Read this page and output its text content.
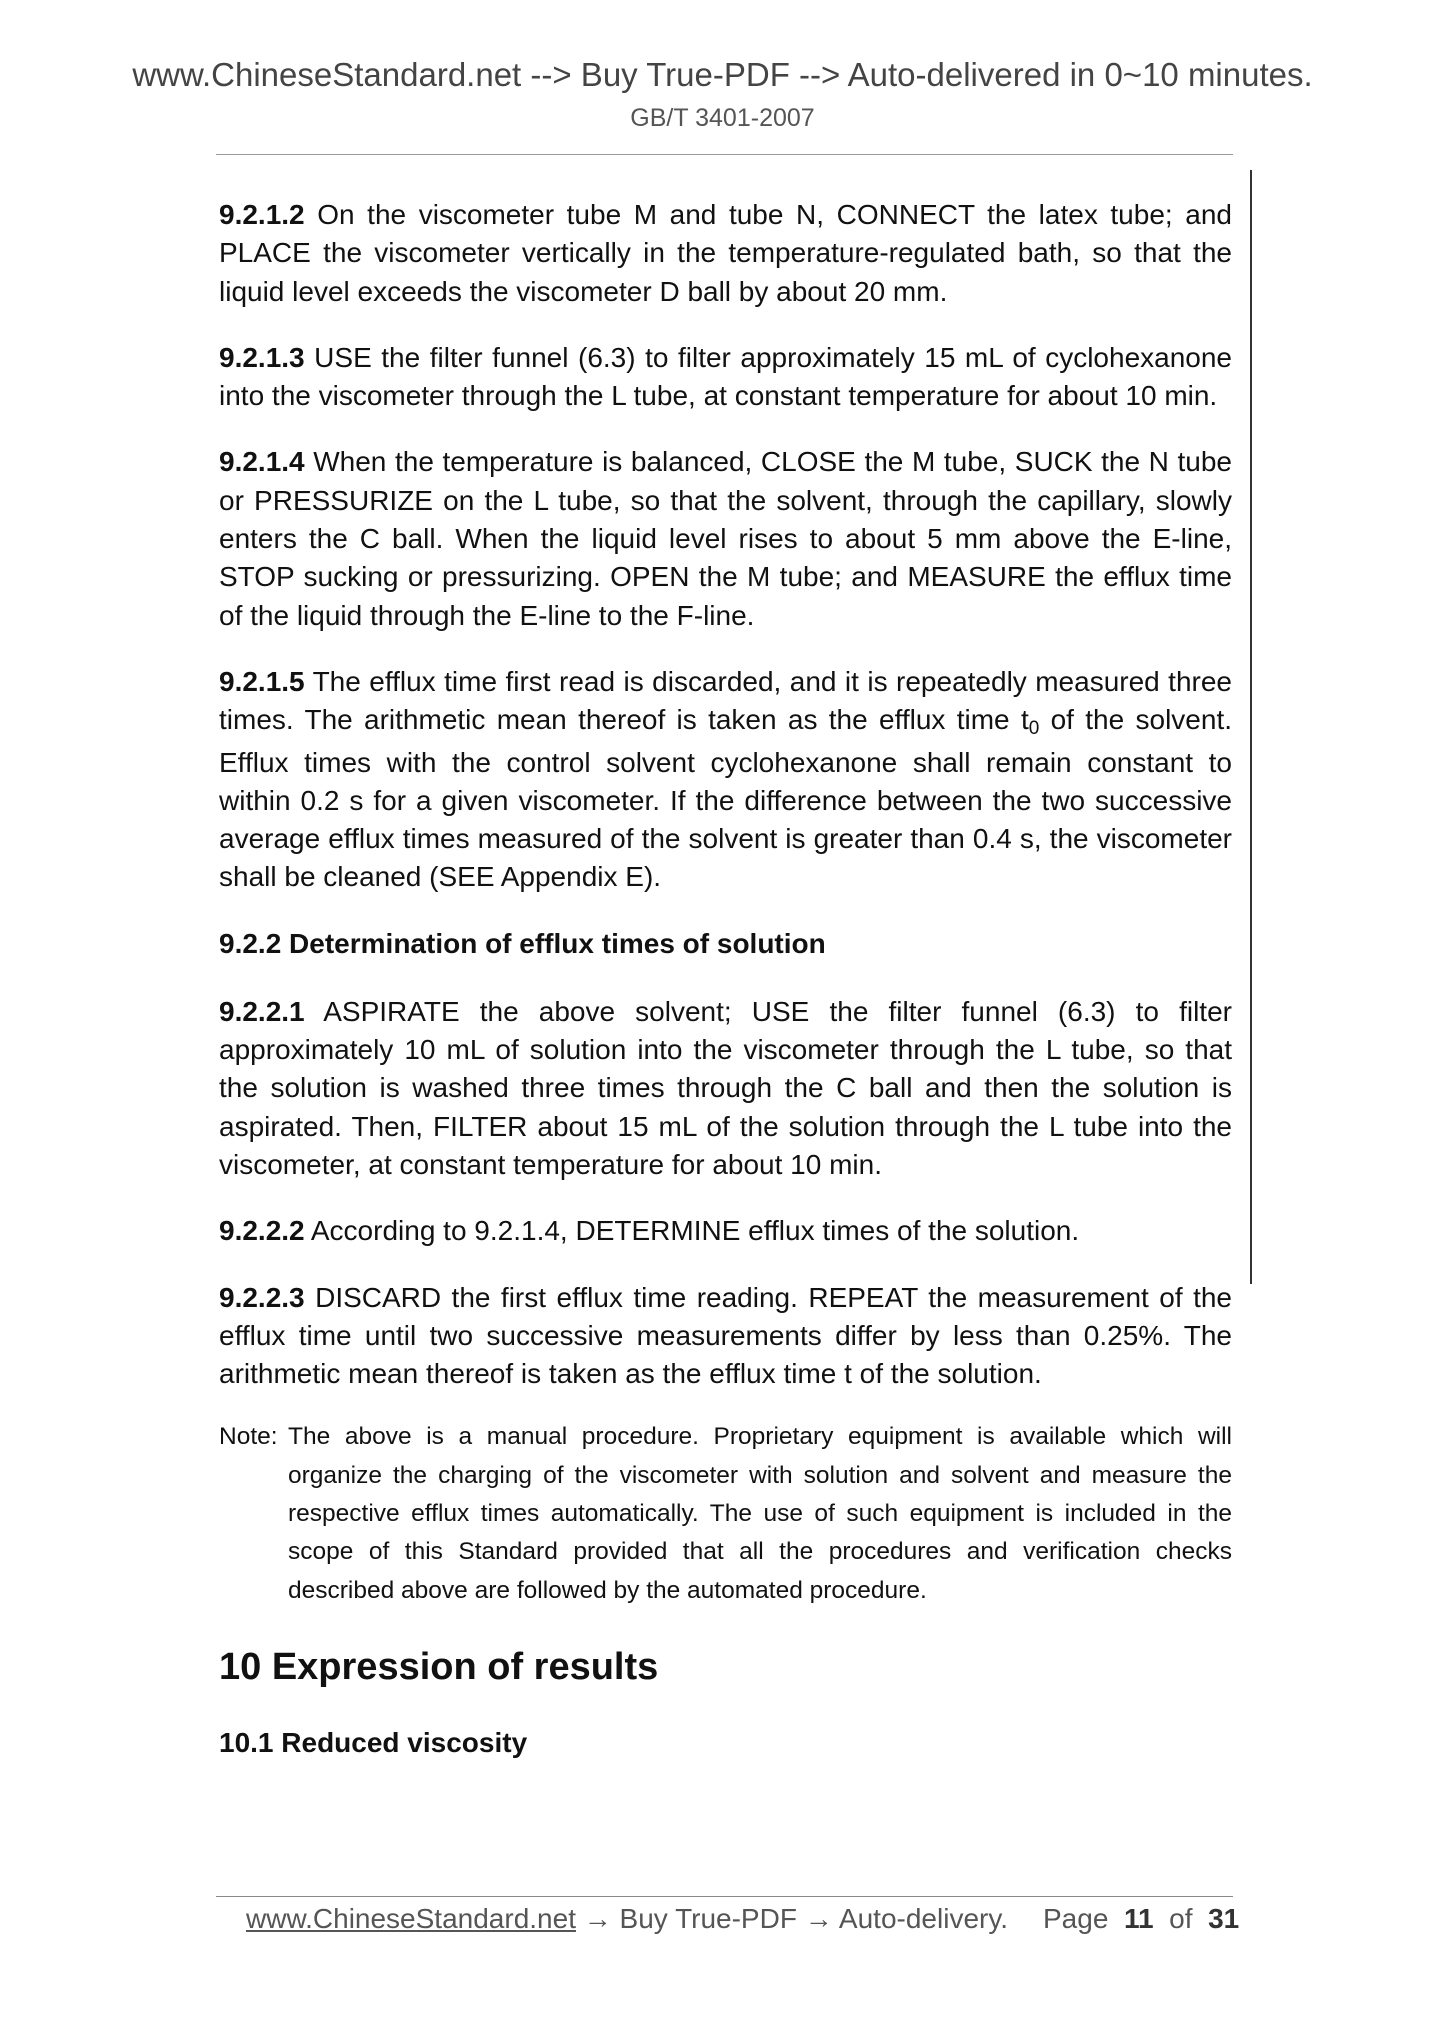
www.ChineseStandard.net --> Buy True-PDF --> Auto-delivered in 0~10 minutes.
GB/T 3401-2007

9.2.1.2 On the viscometer tube M and tube N, CONNECT the latex tube; and PLACE the viscometer vertically in the temperature-regulated bath, so that the liquid level exceeds the viscometer D ball by about 20 mm.

9.2.1.3 USE the filter funnel (6.3) to filter approximately 15 mL of cyclohexanone into the viscometer through the L tube, at constant temperature for about 10 min.

9.2.1.4 When the temperature is balanced, CLOSE the M tube, SUCK the N tube or PRESSURIZE on the L tube, so that the solvent, through the capillary, slowly enters the C ball. When the liquid level rises to about 5 mm above the E-line, STOP sucking or pressurizing. OPEN the M tube; and MEASURE the efflux time of the liquid through the E-line to the F-line.

9.2.1.5 The efflux time first read is discarded, and it is repeatedly measured three times. The arithmetic mean thereof is taken as the efflux time t0 of the solvent. Efflux times with the control solvent cyclohexanone shall remain constant to within 0.2 s for a given viscometer. If the difference between the two successive average efflux times measured of the solvent is greater than 0.4 s, the viscometer shall be cleaned (SEE Appendix E).

9.2.2 Determination of efflux times of solution

9.2.2.1 ASPIRATE the above solvent; USE the filter funnel (6.3) to filter approximately 10 mL of solution into the viscometer through the L tube, so that the solution is washed three times through the C ball and then the solution is aspirated. Then, FILTER about 15 mL of the solution through the L tube into the viscometer, at constant temperature for about 10 min.

9.2.2.2 According to 9.2.1.4, DETERMINE efflux times of the solution.

9.2.2.3 DISCARD the first efflux time reading. REPEAT the measurement of the efflux time until two successive measurements differ by less than 0.25%. The arithmetic mean thereof is taken as the efflux time t of the solution.

Note: The above is a manual procedure. Proprietary equipment is available which will organize the charging of the viscometer with solution and solvent and measure the respective efflux times automatically. The use of such equipment is included in the scope of this Standard provided that all the procedures and verification checks described above are followed by the automated procedure.
10 Expression of results
10.1 Reduced viscosity
www.ChineseStandard.net → Buy True-PDF → Auto-delivery. Page 11 of 31
